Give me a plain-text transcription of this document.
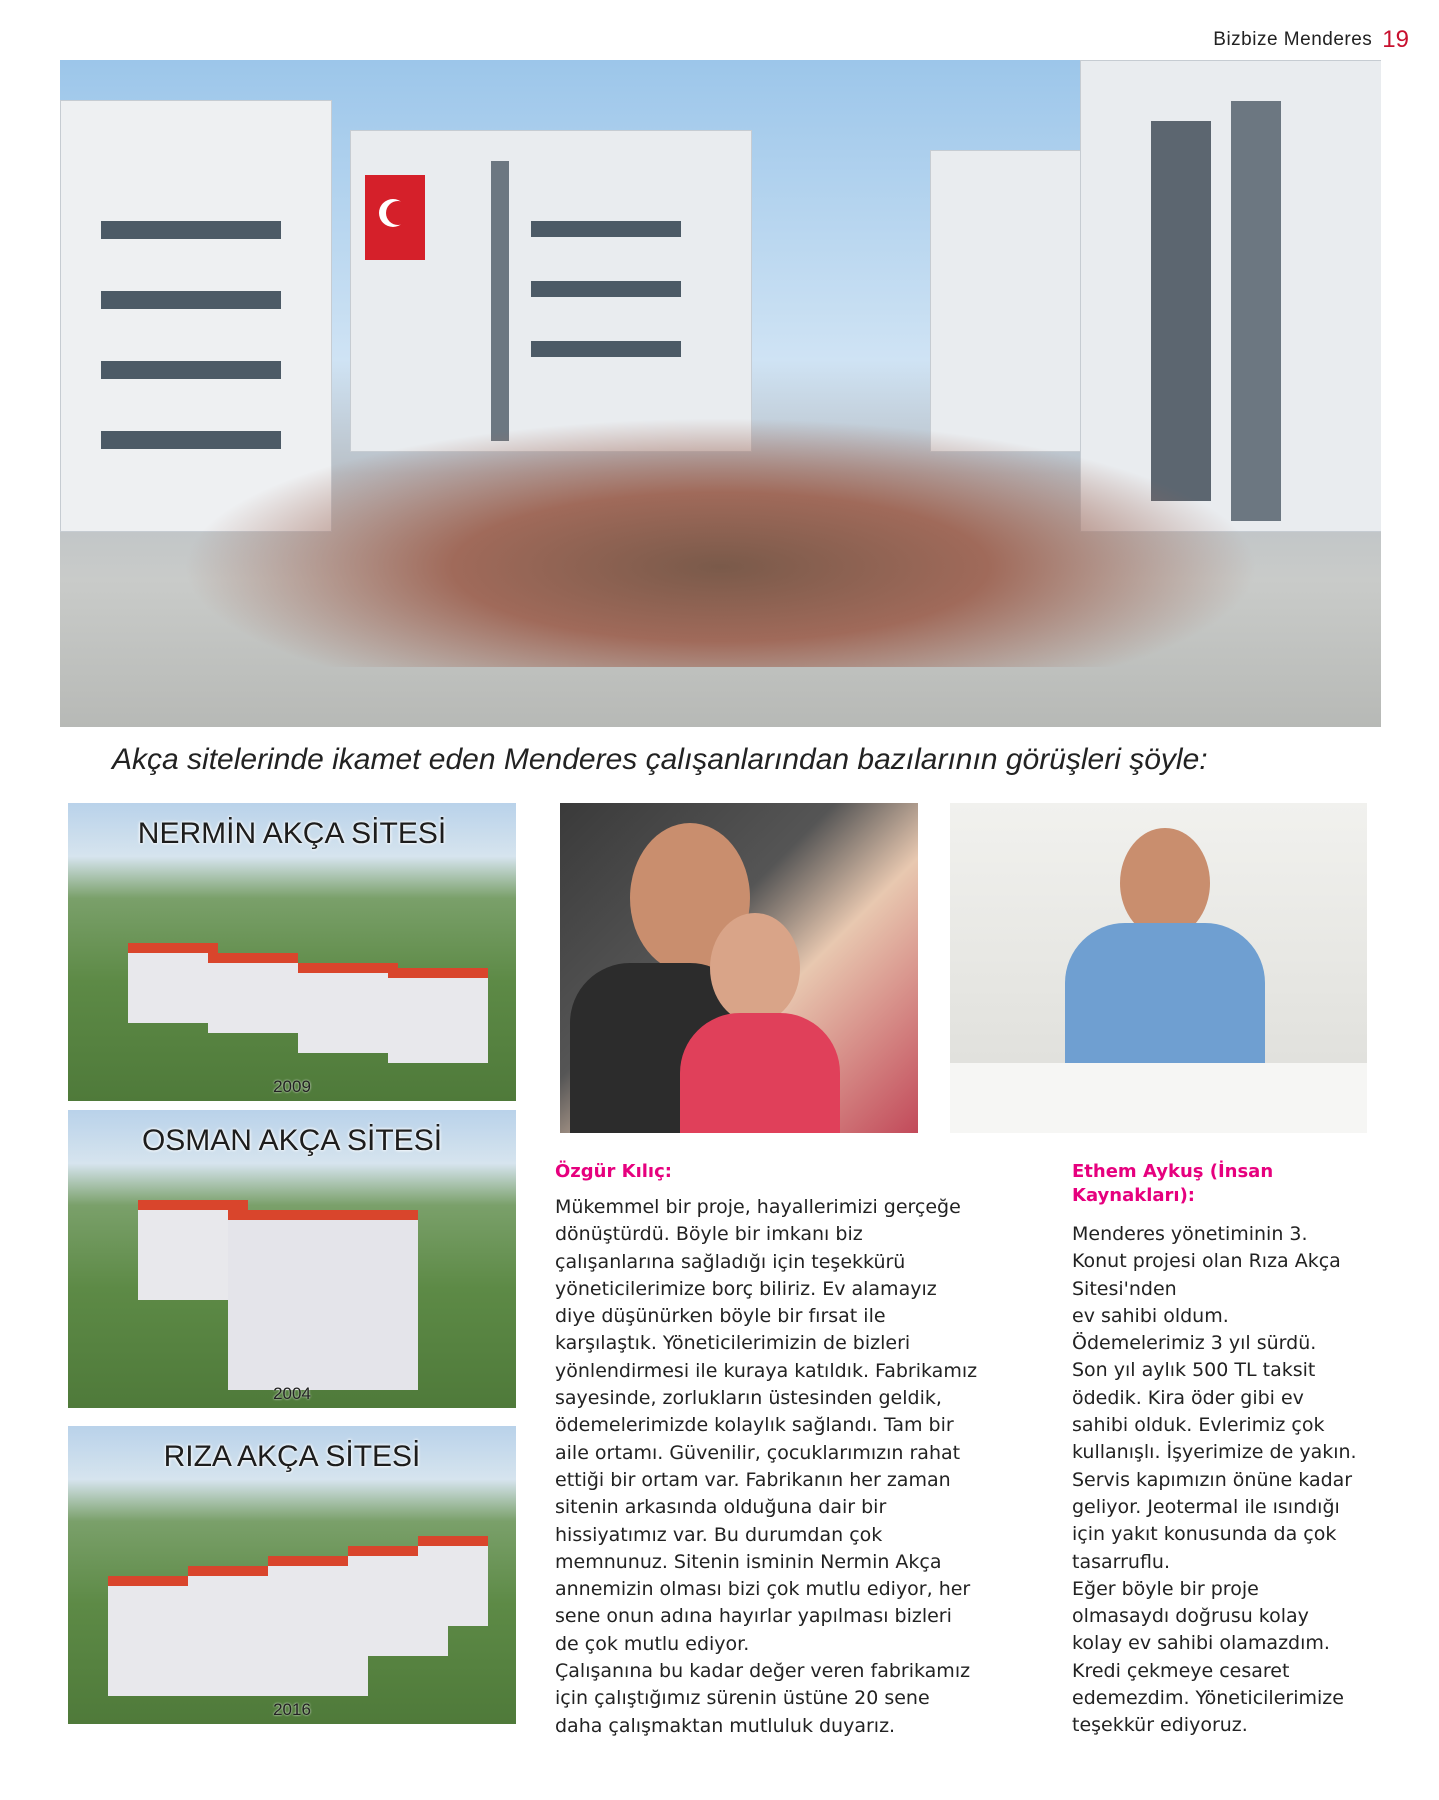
Bizbize Menderes 19
Akça sitelerinde ikamet eden Menderes çalışanlarından bazılarının görüşleri şöyle:
NERMİN AKÇA SİTESİ
2009
OSMAN AKÇA SİTESİ
2004
RIZA AKÇA SİTESİ
2016
Özgür Kılıç:
Mükemmel bir proje, hayallerimizi gerçeğe
dönüştürdü. Böyle bir imkanı biz
çalışanlarına sağladığı için teşekkürü
yöneticilerimize borç biliriz. Ev alamayız
diye düşünürken böyle bir fırsat ile
karşılaştık. Yöneticilerimizin de bizleri
yönlendirmesi ile kuraya katıldık. Fabrikamız
sayesinde, zorlukların üstesinden geldik,
ödemelerimizde kolaylık sağlandı. Tam bir
aile ortamı. Güvenilir, çocuklarımızın rahat
ettiği bir ortam var. Fabrikanın her zaman
sitenin arkasında olduğuna dair bir
hissiyatımız var. Bu durumdan çok
memnunuz. Sitenin isminin Nermin Akça
annemizin olması bizi çok mutlu ediyor, her
sene onun adına hayırlar yapılması bizleri
de çok mutlu ediyor.
Çalışanına bu kadar değer veren fabrikamız
için çalıştığımız sürenin üstüne 20 sene
daha çalışmaktan mutluluk duyarız.
Ethem Aykuş (İnsan
Kaynakları):
Menderes yönetiminin 3.
Konut projesi olan Rıza Akça
Sitesi'nden
ev sahibi oldum.
Ödemelerimiz 3 yıl sürdü.
Son yıl aylık 500 TL taksit
ödedik. Kira öder gibi ev
sahibi olduk. Evlerimiz çok
kullanışlı. İşyerimize de yakın.
Servis kapımızın önüne kadar
geliyor. Jeotermal ile ısındığı
için yakıt konusunda da çok
tasarruflu.
Eğer böyle bir proje
olmasaydı doğrusu kolay
kolay ev sahibi olamazdım.
Kredi çekmeye cesaret
edemezdim. Yöneticilerimize
teşekkür ediyoruz.
